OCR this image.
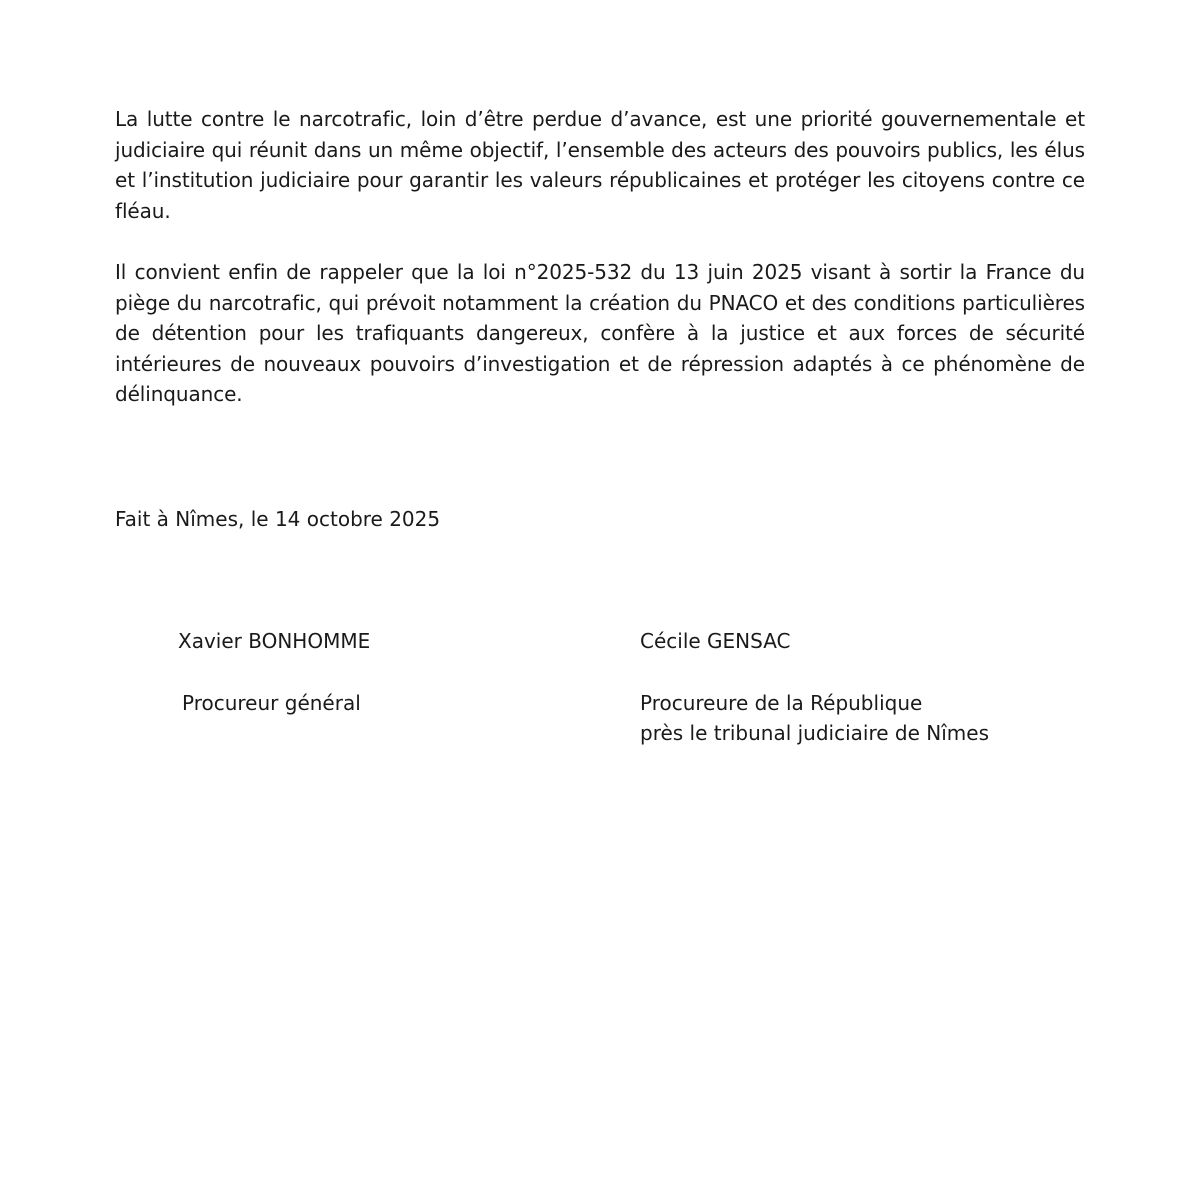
La lutte contre le narcotrafic, loin d’être perdue d’avance, est une priorité gouvernementale et judiciaire qui réunit dans un même objectif, l’ensemble des acteurs des pouvoirs publics, les élus et l’institution judiciaire pour garantir les valeurs républicaines et protéger les citoyens contre ce fléau.

Il convient enfin de rappeler que la loi n°2025-532 du 13 juin 2025 visant à sortir la France du piège du narcotrafic, qui prévoit notamment la création du PNACO et des conditions particulières de détention pour les trafiquants dangereux, confère à la justice et aux forces de sécurité intérieures de nouveaux pouvoirs d’investigation et de répression adaptés à ce phénomène de délinquance.

Fait à Nîmes, le 14 octobre 2025

Xavier BONHOMME

Procureur général

Cécile GENSAC

Procureure de la République

près le tribunal judiciaire de Nîmes
